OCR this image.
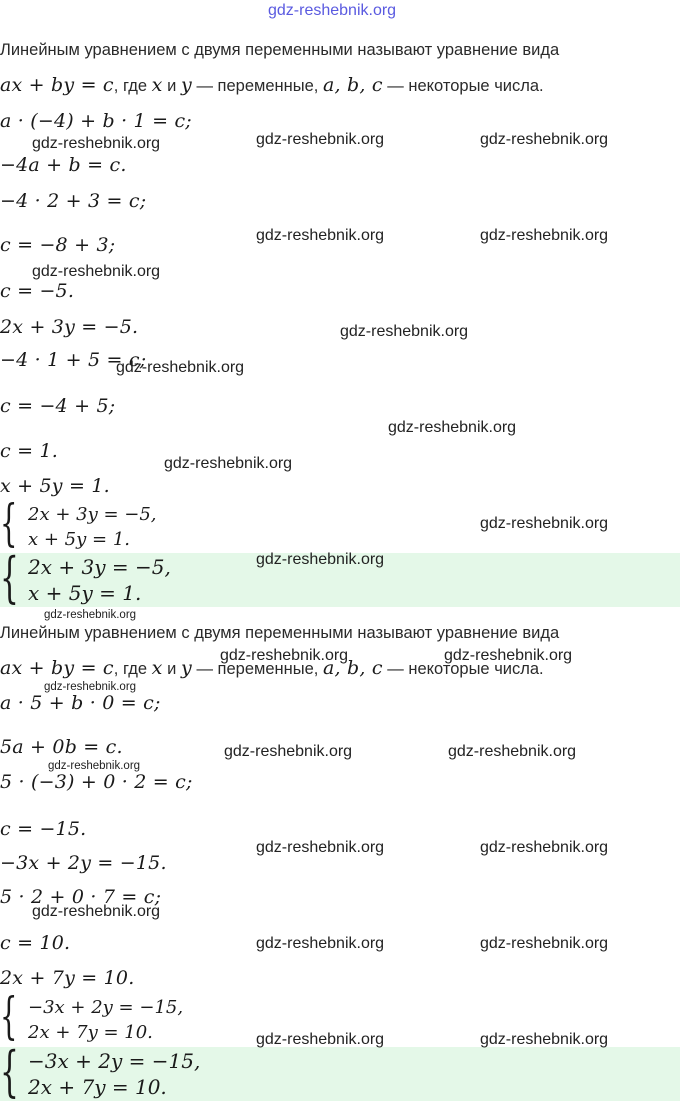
gdz-reshebnik.org
Линейным уравнением с двумя переменными называют уравнение вида
ax + by = c, где x и y — переменные, a, b, c — некоторые числа.
a · (−4) + b · 1 = c;
−4a + b = c.
−4 · 2 + 3 = c;
c = −8 + 3;
c = −5.
2x + 3y = −5.
−4 · 1 + 5 = c;
c = −4 + 5;
c = 1.
x + 5y = 1.
{ 2x + 3y = −5,
x + 5y = 1.
{ 2x + 3y = −5,
x + 5y = 1.
Линейным уравнением с двумя переменными называют уравнение вида
ax + by = c, где x и y — переменные, a, b, c — некоторые числа.
a · 5 + b · 0 = c;
5a + 0b = c.
5 · (−3) + 0 · 2 = c;
c = −15.
−3x + 2y = −15.
5 · 2 + 0 · 7 = c;
c = 10.
2x + 7y = 10.
{ −3x + 2y = −15,
2x + 7y = 10.
{ −3x + 2y = −15,
2x + 7y = 10.
gdz-reshebnik.org	gdz-reshebnik.org	gdz-reshebnik.org
gdz-reshebnik.org	gdz-reshebnik.org
gdz-reshebnik.org
gdz-reshebnik.org
gdz-reshebnik.org
gdz-reshebnik.org
gdz-reshebnik.org
gdz-reshebnik.org
gdz-reshebnik.org
gdz-reshebnik.org
gdz-reshebnik.org	gdz-reshebnik.org
gdz-reshebnik.org
gdz-reshebnik.org	gdz-reshebnik.org
gdz-reshebnik.org
gdz-reshebnik.org	gdz-reshebnik.org
gdz-reshebnik.org
gdz-reshebnik.org	gdz-reshebnik.org
gdz-reshebnik.org	gdz-reshebnik.org
